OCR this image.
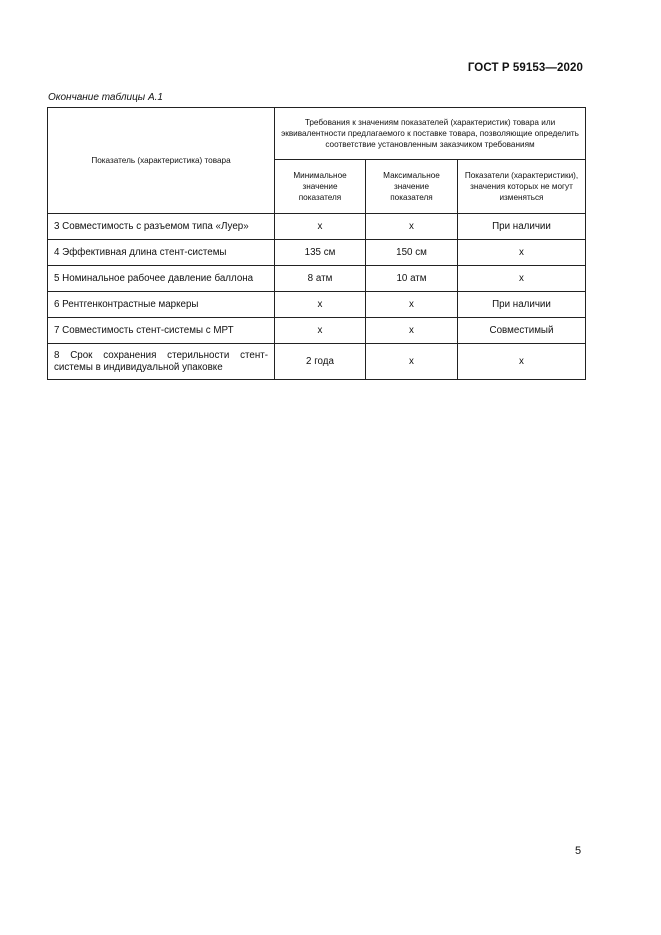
ГОСТ Р 59153—2020
Окончание таблицы А.1
Показатель (характеристика) товара	Требования к значениям показателей (характеристик) товара или эквивалентности предлагаемого к поставке товара, позволяющие определить соответствие установленным заказчиком требованиям		
	Минимальное значение показателя	Максимальное значение показателя	Показатели (характеристики), значения которых не могут изменяться
3 Совместимость с разъемом типа «Луер»	х	х	При наличии
4 Эффективная длина стент-системы	135 см	150 см	х
5 Номинальное рабочее давление баллона	8 атм	10 атм	х
6 Рентгенконтрастные маркеры	х	х	При наличии
7 Совместимость стент-системы с МРТ	х	х	Совместимый
8 Срок сохранения стерильности стент-системы в индивидуальной упаковке	2 года	х	х
5
